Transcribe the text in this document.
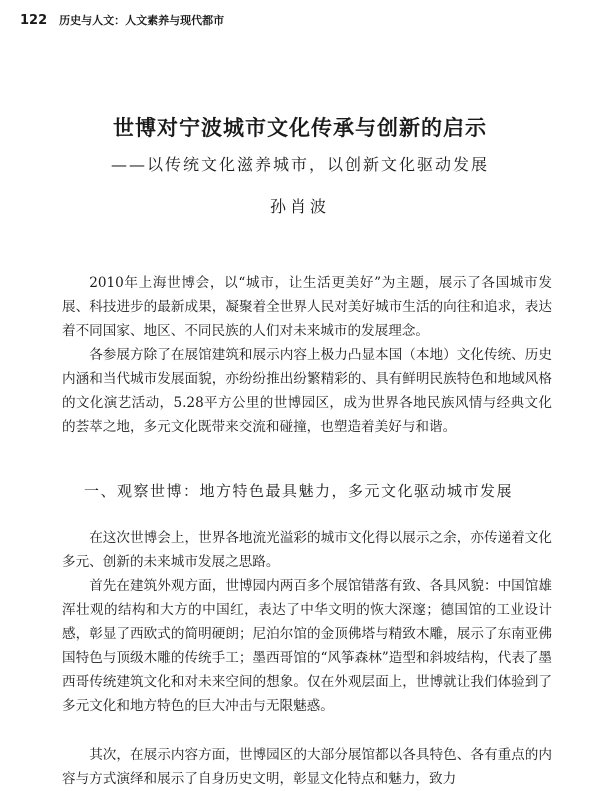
122 历史与人文：人文素养与现代都市
世博对宁波城市文化传承与创新的启示
——以传统文化滋养城市，以创新文化驱动发展
孙肖波

2010年上海世博会，以“城市，让生活更美好”为主题，展示了各国城市发展、科技进步的最新成果，凝聚着全世界人民对美好城市生活的向往和追求，表达着不同国家、地区、不同民族的人们对未来城市的发展理念。

各参展方除了在展馆建筑和展示内容上极力凸显本国（本地）文化传统、历史内涵和当代城市发展面貌，亦纷纷推出纷繁精彩的、具有鲜明民族特色和地域风格的文化演艺活动，5.28平方公里的世博园区，成为世界各地民族风情与经典文化的荟萃之地，多元文化既带来交流和碰撞，也塑造着美好与和谐。

一、观察世博：地方特色最具魅力，多元文化驱动城市发展

在这次世博会上，世界各地流光溢彩的城市文化得以展示之余，亦传递着文化多元、创新的未来城市发展之思路。

首先在建筑外观方面，世博园内两百多个展馆错落有致、各具风貌：中国馆雄浑壮观的结构和大方的中国红，表达了中华文明的恢大深邃；德国馆的工业设计感，彰显了西欧式的简明硬朗；尼泊尔馆的金顶佛塔与精致木雕，展示了东南亚佛国特色与顶级木雕的传统手工；墨西哥馆的“风筝森林”造型和斜坡结构，代表了墨西哥传统建筑文化和对未来空间的想象。仅在外观层面上，世博就让我们体验到了多元文化和地方特色的巨大冲击与无限魅惑。

其次，在展示内容方面，世博园区的大部分展馆都以各具特色、各有重点的内容与方式演绎和展示了自身历史文明，彰显文化特点和魅力，致力
